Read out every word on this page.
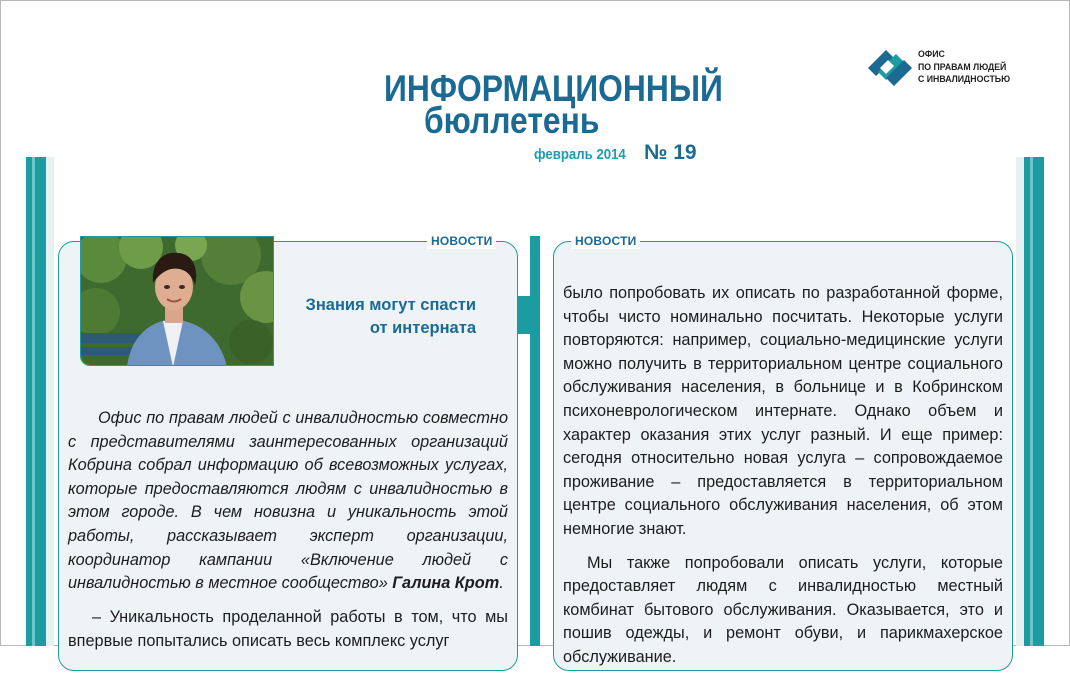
ИНФОРМАЦИОННЫЙ
бюллетень
февраль 2014 № 19
ОФИС
ПО ПРАВАМ ЛЮДЕЙ
С ИНВАЛИДНОСТЬЮ
НОВОСТИ	НОВОСТИ
Знания могут спасти
от интерната

Офис по правам людей с инвалидностью совместно с представителями заинтересованных организаций Кобрина собрал информацию об всевозможных услугах, которые предоставляются людям с инвалидностью в этом городе. В чем новизна и уникальность этой работы, рассказывает эксперт организации, координатор кампании «Включение людей с инвалидностью в местное сообщество» Галина Крот.

– Уникальность проделанной работы в том, что мы впервые попытались описать весь комплекс услуг

было попробовать их описать по разработанной форме, чтобы чисто номинально посчитать. Некоторые услуги повторяются: например, социально-медицинские услуги можно получить в территориальном центре социального обслуживания населения, в больнице и в Кобринском психоневрологическом интернате. Однако объем и характер оказания этих услуг разный. И еще пример: сегодня относительно новая услуга – сопровождаемое проживание – предоставляется в территориальном центре социального обслуживания населения, об этом немногие знают.

Мы также попробовали описать услуги, которые предоставляет людям с инвалидностью местный комбинат бытового обслуживания. Оказывается, это и пошив одежды, и ремонт обуви, и парикмахерское обслуживание.
